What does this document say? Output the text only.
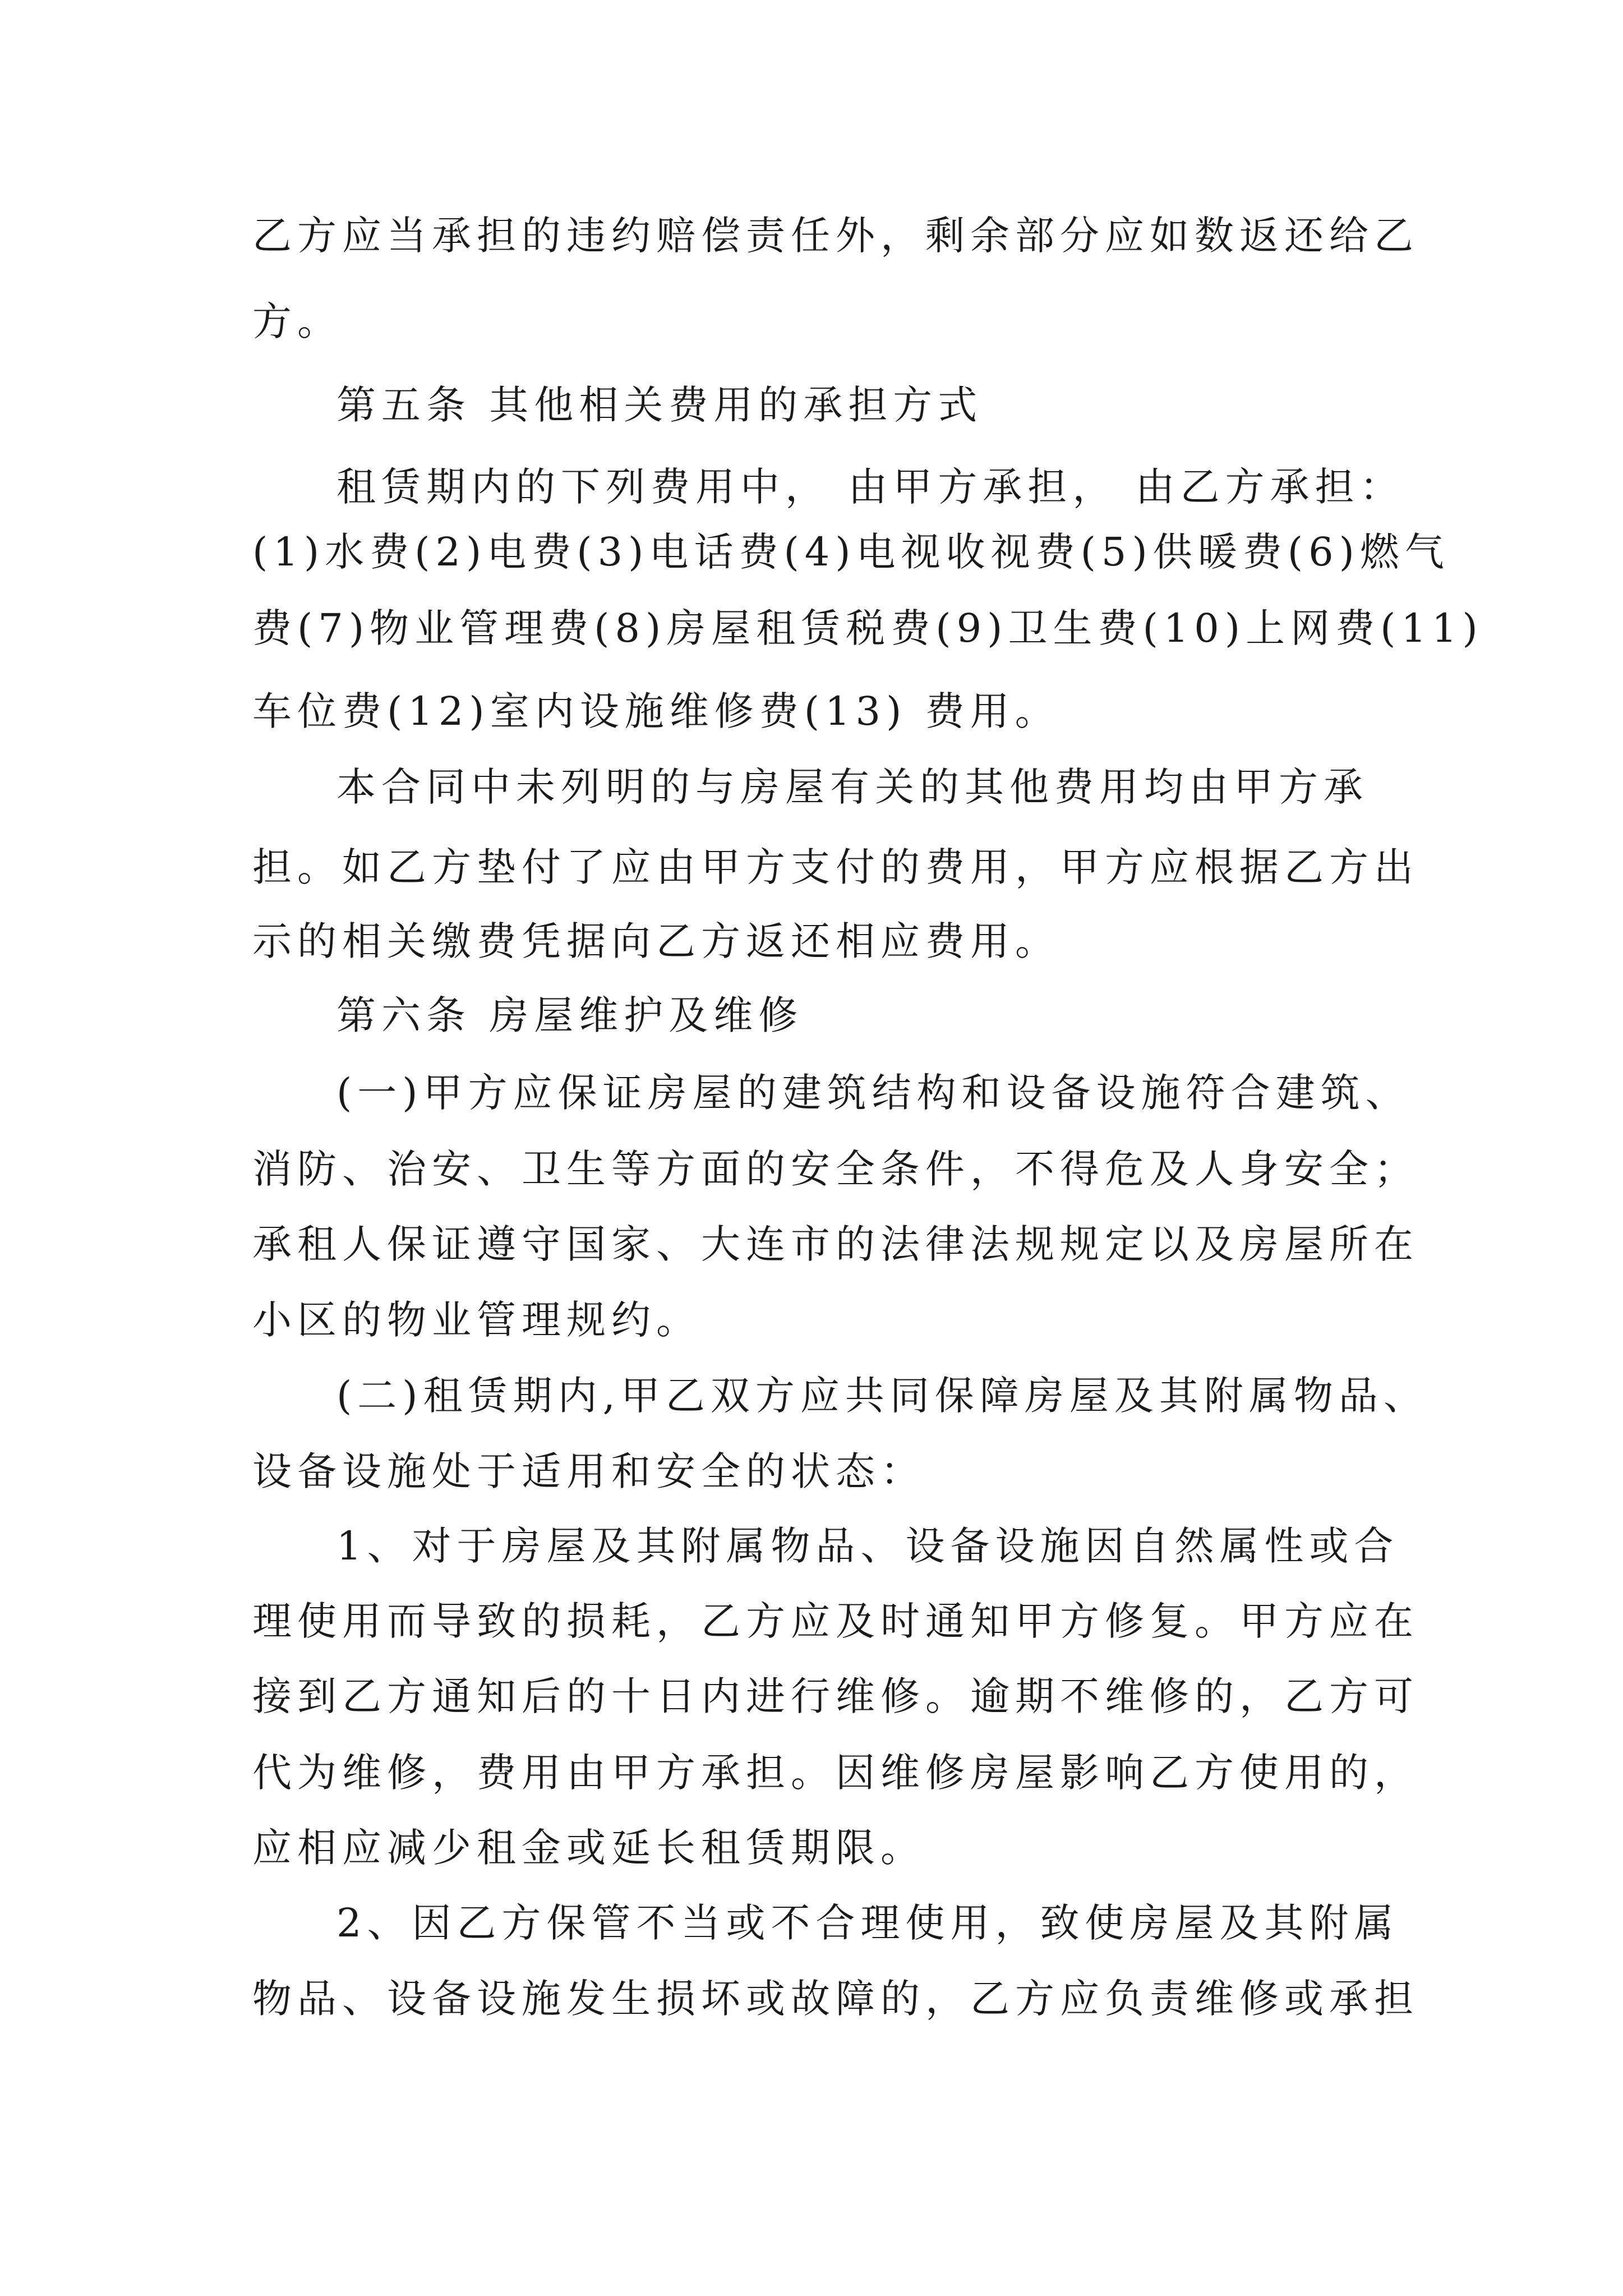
乙方应当承担的违约赔偿责任外，剩余部分应如数返还给乙
方。
第五条 其他相关费用的承担方式
租赁期内的下列费用中， 由甲方承担， 由乙方承担：
(1)水费(2)电费(3)电话费(4)电视收视费(5)供暖费(6)燃气
费(7)物业管理费(8)房屋租赁税费(9)卫生费(10)上网费(11)
车位费(12)室内设施维修费(13) 费用。
本合同中未列明的与房屋有关的其他费用均由甲方承
担。如乙方垫付了应由甲方支付的费用，甲方应根据乙方出
示的相关缴费凭据向乙方返还相应费用。
第六条 房屋维护及维修
(一)甲方应保证房屋的建筑结构和设备设施符合建筑、
消防、治安、卫生等方面的安全条件，不得危及人身安全；
承租人保证遵守国家、大连市的法律法规规定以及房屋所在
小区的物业管理规约。
(二)租赁期内,甲乙双方应共同保障房屋及其附属物品、
设备设施处于适用和安全的状态：
1、对于房屋及其附属物品、设备设施因自然属性或合
理使用而导致的损耗，乙方应及时通知甲方修复。甲方应在
接到乙方通知后的十日内进行维修。逾期不维修的，乙方可
代为维修，费用由甲方承担。因维修房屋影响乙方使用的，
应相应减少租金或延长租赁期限。
2、因乙方保管不当或不合理使用，致使房屋及其附属
物品、设备设施发生损坏或故障的，乙方应负责维修或承担
